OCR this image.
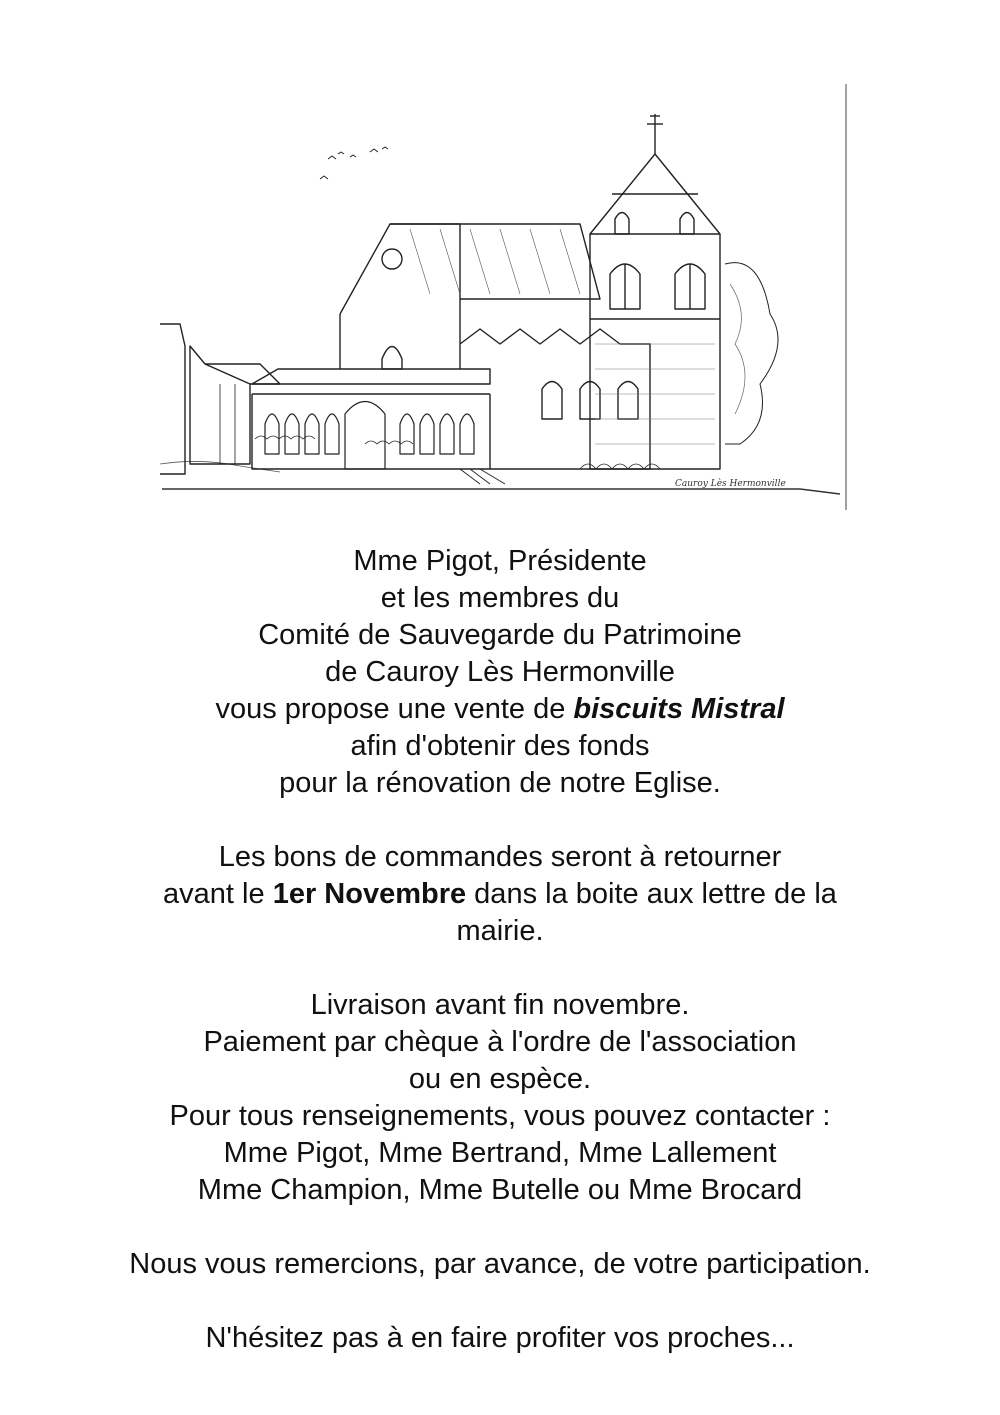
Cauroy Lès Hermonville

Mme Pigot, Présidente

et les membres du

Comité de Sauvegarde du Patrimoine

de Cauroy Lès Hermonville

vous propose une vente de biscuits Mistral

afin d'obtenir des fonds

pour la rénovation de notre Eglise.

Les bons de commandes seront à retourner

avant le 1er Novembre dans la boite aux lettre de la

mairie.

Livraison avant fin novembre.

Paiement par chèque à l'ordre de l'association

ou en espèce.

Pour tous renseignements, vous pouvez contacter :

Mme Pigot, Mme Bertrand, Mme Lallement

Mme Champion, Mme Butelle ou Mme Brocard

Nous vous remercions, par avance, de votre participation.

N'hésitez pas à en faire profiter vos proches...
